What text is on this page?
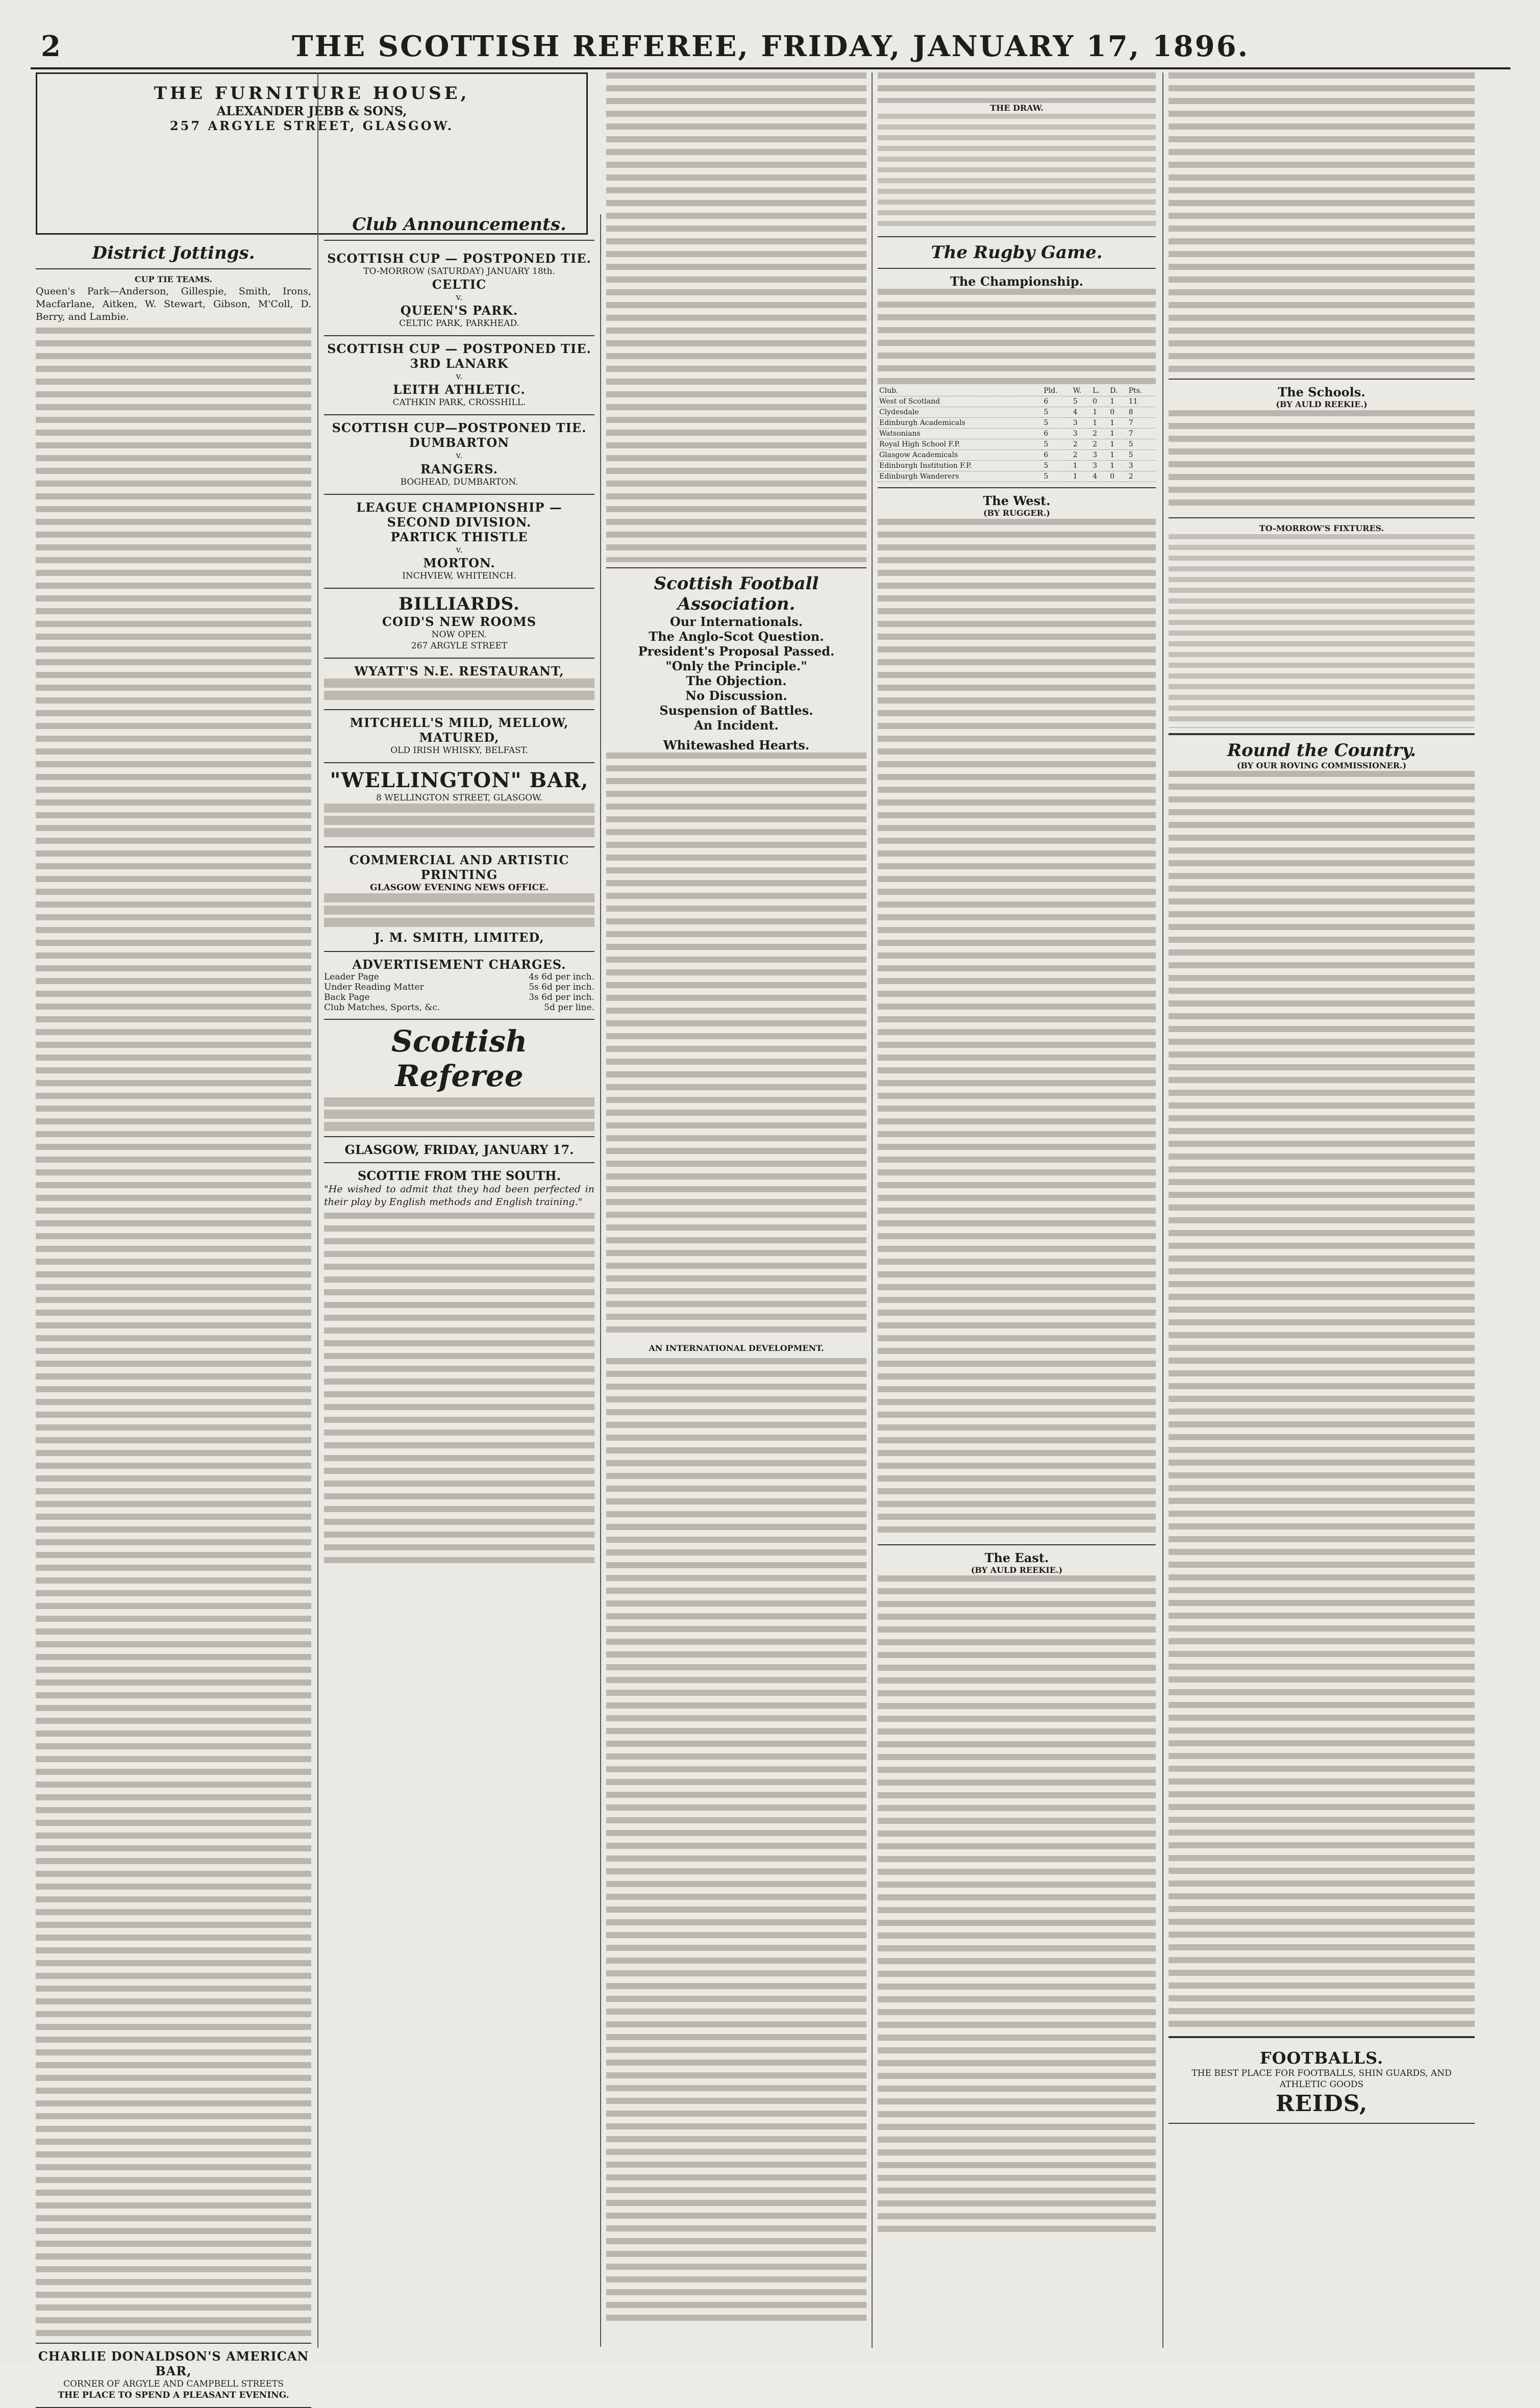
2	THE SCOTTISH REFEREE, FRIDAY, JANUARY 17, 1896.
THE FURNITURE HOUSE,
ALEXANDER JEBB & SONS,
257 ARGYLE STREET, GLASGOW.
District Jottings.
CUP TIE TEAMS.

Queen's Park—Anderson, Gillespie, Smith, Irons, Macfarlane, Aitken, W. Stewart, Gibson, M'Coll, D. Berry, and Lambie.

CHARLIE DONALDSON'S AMERICAN BAR,
CORNER OF ARGYLE AND CAMPBELL STREETS
THE PLACE TO SPEND A PLEASANT EVENING.
Club Announcements.
SCOTTISH CUP — POSTPONED TIE.
TO-MORROW (SATURDAY) JANUARY 18th.
CELTIC
v.
QUEEN'S PARK.
CELTIC PARK, PARKHEAD.
SCOTTISH CUP — POSTPONED TIE.
3RD LANARK
v.
LEITH ATHLETIC.
CATHKIN PARK, CROSSHILL.
SCOTTISH CUP—POSTPONED TIE.
DUMBARTON
v.
RANGERS.
BOGHEAD, DUMBARTON.
LEAGUE CHAMPIONSHIP — SECOND DIVISION.
PARTICK THISTLE
v.
MORTON.
INCHVIEW, WHITEINCH.
BILLIARDS.
COID'S NEW ROOMS
NOW OPEN.
267 ARGYLE STREET
WYATT'S N.E. RESTAURANT,
MITCHELL'S MILD, MELLOW, MATURED,
OLD IRISH WHISKY, BELFAST.
"WELLINGTON" BAR,
8 WELLINGTON STREET, GLASGOW.
COMMERCIAL AND ARTISTIC PRINTING
GLASGOW EVENING NEWS OFFICE.
J. M. SMITH, LIMITED,
ADVERTISEMENT CHARGES.
Leader Page	4s 6d per inch.
Under Reading Matter	5s 6d per inch.
Back Page	3s 6d per inch.
Club Matches, Sports, &c.	5d per line.
Scottish Referee
GLASGOW, FRIDAY, JANUARY 17.
SCOTTIE FROM THE SOUTH.

"He wished to admit that they had been perfected in their play by English methods and English training."

Scottish Football Association.
Our Internationals.
The Anglo-Scot Question.
President's Proposal Passed.
"Only the Principle."
The Objection.
No Discussion.
Suspension of Battles.
An Incident.
Whitewashed Hearts.
AN INTERNATIONAL DEVELOPMENT.
THE DRAW.
The Rugby Game.
The Championship.
Club.	Pld.	W.	L.	D.	Pts.
West of Scotland	6	5	0	1	11
Clydesdale	5	4	1	0	8
Edinburgh Academicals	5	3	1	1	7
Watsonians	6	3	2	1	7
Royal High School F.P.	5	2	2	1	5
Glasgow Academicals	6	2	3	1	5
Edinburgh Institution F.P.	5	1	3	1	3
Edinburgh Wanderers	5	1	4	0	2
The West.
(BY RUGGER.)
The East.
(BY AULD REEKIE.)
The Schools.
(BY AULD REEKIE.)
TO-MORROW'S FIXTURES.
Round the Country.
(BY OUR ROVING COMMISSIONER.)
FOOTBALLS.
THE BEST PLACE FOR FOOTBALLS, SHIN GUARDS, AND ATHLETIC GOODS
REIDS,
